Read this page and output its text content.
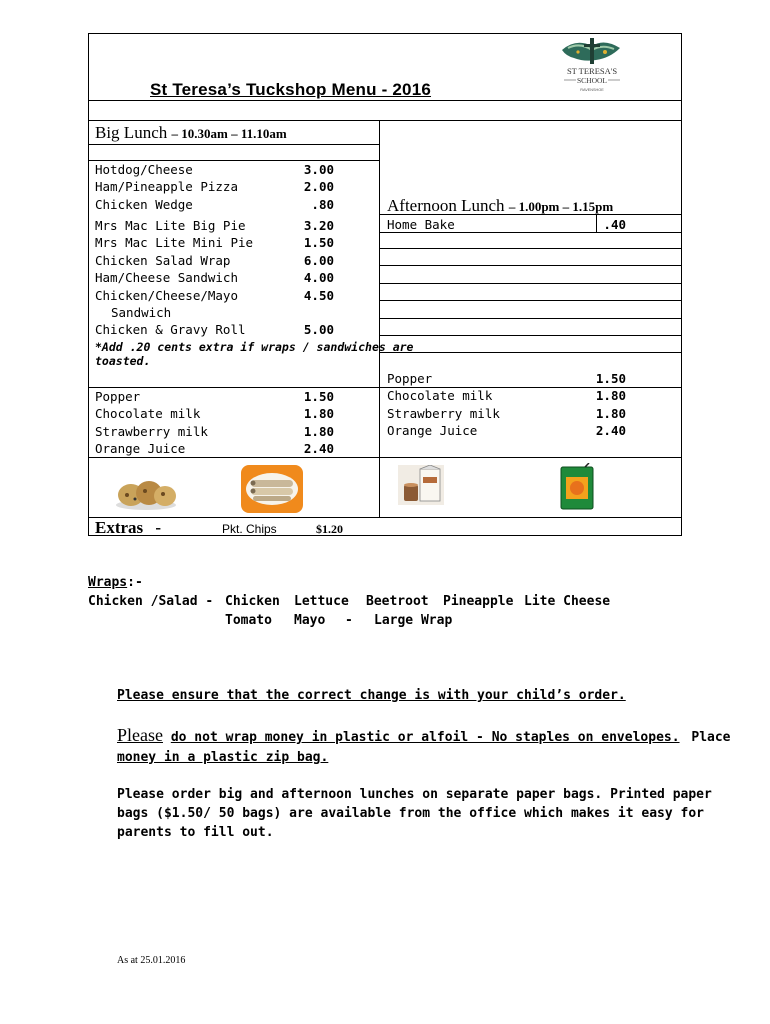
St Teresa’s Tuckshop Menu - 2016
ST TERESA'S
SCHOOL
RAVENSHOE
Big Lunch – 10.30am – 11.10am
Hotdog/Cheese	3.00
Ham/Pineapple Pizza	2.00
Chicken Wedge	.80
Mrs Mac Lite Big Pie	3.20
Mrs Mac Lite Mini Pie	1.50
Chicken Salad Wrap	6.00
Ham/Cheese Sandwich	4.00
Chicken/Cheese/Mayo	4.50
Sandwich
Chicken & Gravy Roll	5.00
*Add .20 cents extra if wraps / sandwiches are
toasted.
Popper	1.50
Chocolate milk	1.80
Strawberry milk	1.80
Orange Juice	2.40
Afternoon Lunch – 1.00pm – 1.15pm
Home Bake	.40
Popper	1.50
Chocolate milk	1.80
Strawberry milk	1.80
Orange Juice	2.40
Extras -	Pkt. Chips	$1.20
Wraps:-
Chicken /Salad - Chicken Lettuce Beetroot Pineapple Lite Cheese
Tomato Mayo - Large Wrap
Please ensure that the correct change is with your child’s order.
Please do not wrap money in plastic or alfoil - No staples on envelopes. Place
money in a plastic zip bag.
Please order big and afternoon lunches on separate paper bags. Printed paper
bags ($1.50/ 50 bags) are available from the office which makes it easy for
parents to fill out.
As at 25.01.2016
